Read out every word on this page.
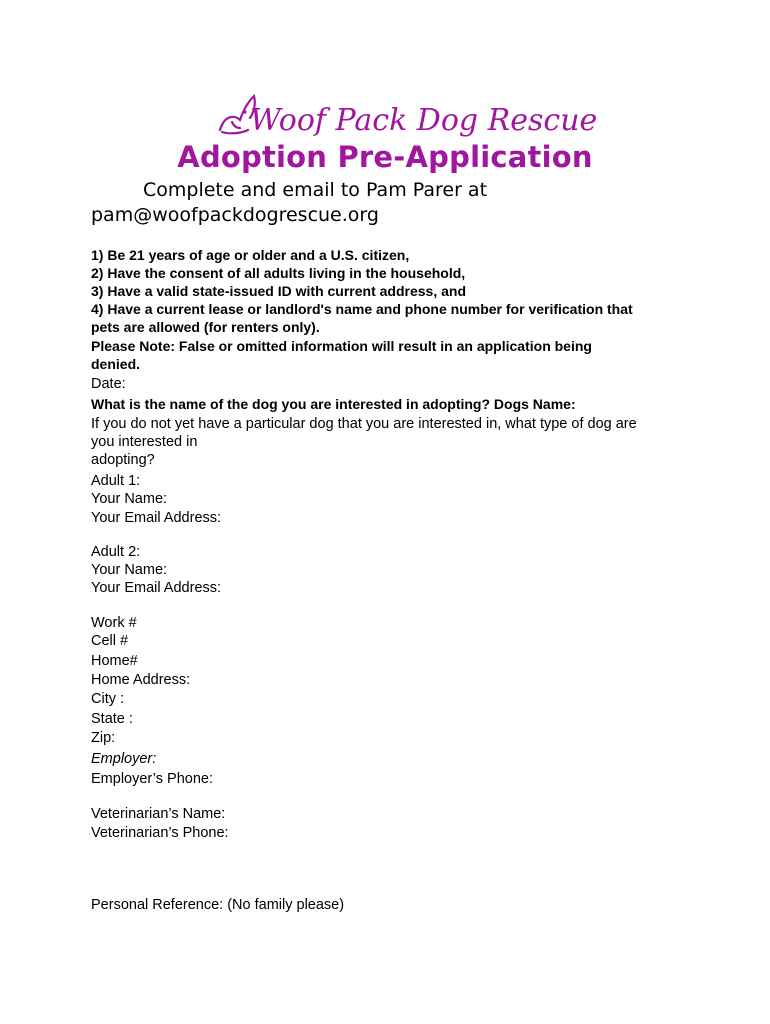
Woof Pack Dog Rescue
Adoption Pre-Application
Complete and email to Pam Parer at
pam@woofpackdogrescue.org
1) Be 21 years of age or older and a U.S. citizen,
2) Have the consent of all adults living in the household,
3) Have a valid state-issued ID with current address, and
4) Have a current lease or landlord's name and phone number for verification that
pets are allowed (for renters only).
Please Note: False or omitted information will result in an application being
denied.
Date:
What is the name of the dog you are interested in adopting? Dogs Name:
If you do not yet have a particular dog that you are interested in, what type of dog are
you interested in
adopting?
Adult 1:
Your Name:
Your Email Address:
Adult 2:
Your Name:
Your Email Address:
Work #
Cell #
Home#
Home Address:
City :
State :
Zip:
Employer:
Employer’s Phone:
Veterinarian’s Name:
Veterinarian’s Phone:
Personal Reference: (No family please)
